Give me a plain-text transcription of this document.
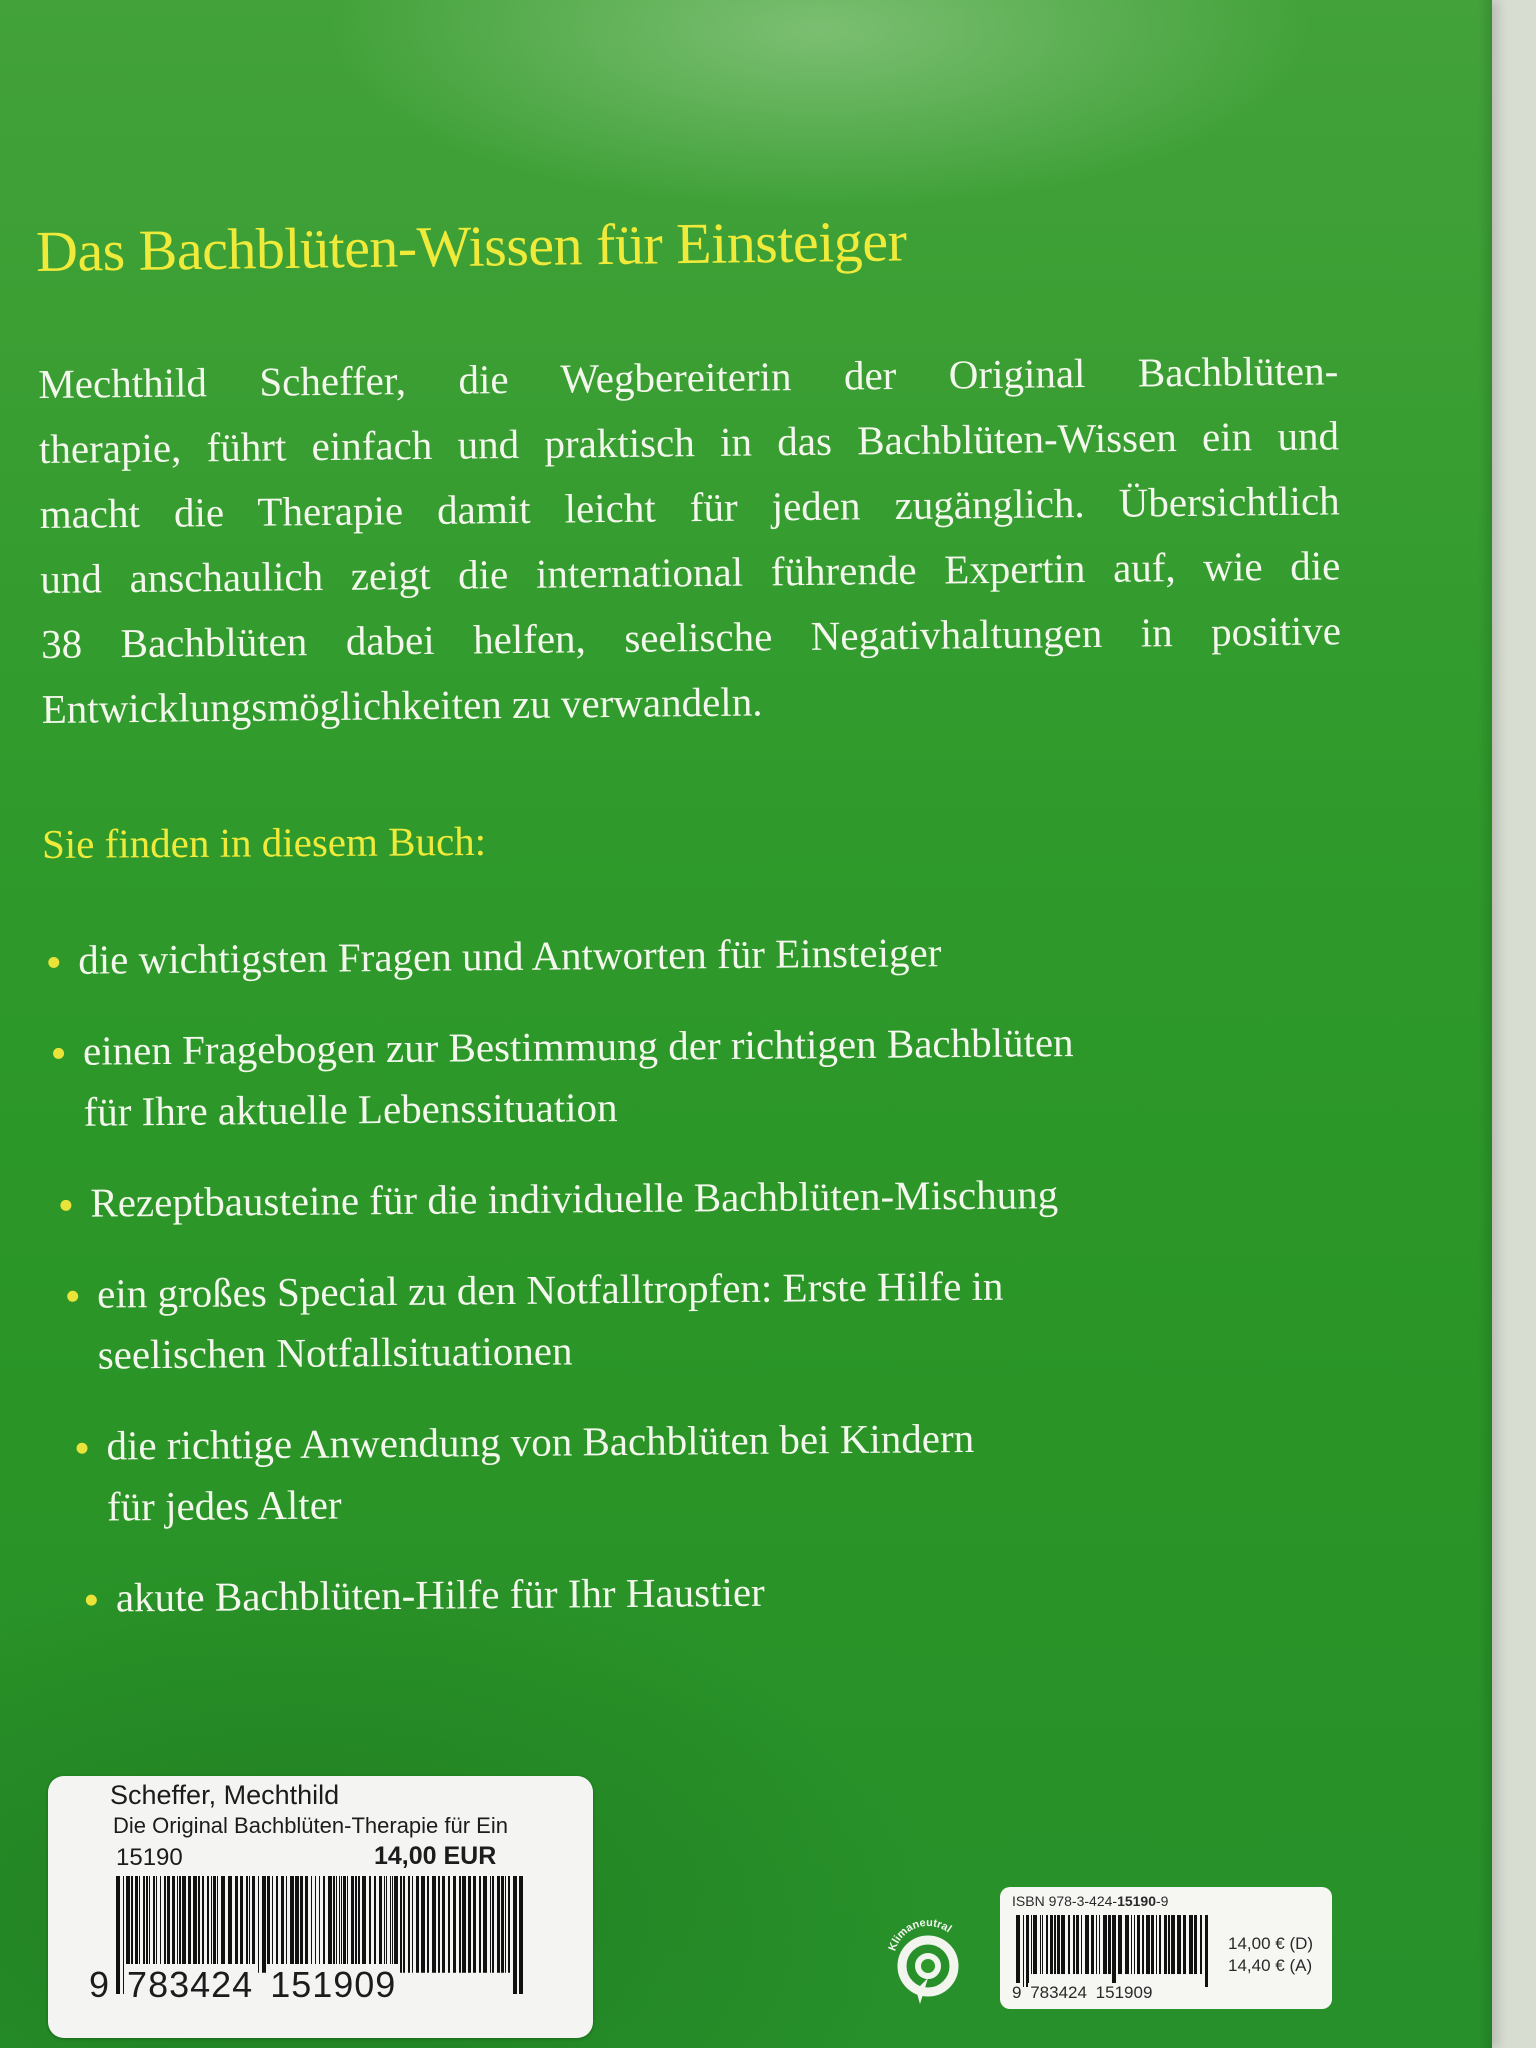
Das Bachblüten-Wissen für Einsteiger
Mechthild Scheffer, die Wegbereiterin der Original Bachblüten-
therapie, führt einfach und praktisch in das Bachblüten-Wissen ein und
macht die Therapie damit leicht für jeden zugänglich. Übersichtlich
und anschaulich zeigt die international führende Expertin auf, wie die
38 Bachblüten dabei helfen, seelische Negativhaltungen in positive
Entwicklungsmöglichkeiten zu verwandeln.
Sie finden in diesem Buch:
die wichtigsten Fragen und Antworten für Einsteiger
einen Fragebogen zur Bestimmung der richtigen Bachblüten
für Ihre aktuelle Lebenssituation
Rezeptbausteine für die individuelle Bachblüten-Mischung
ein großes Special zu den Notfalltropfen: Erste Hilfe in
seelischen Notfallsituationen
die richtige Anwendung von Bachblüten bei Kindern
für jedes Alter
akute Bachblüten-Hilfe für Ihr Haustier
Scheffer, Mechthild
Die Original Bachblüten-Therapie für Ein
15190	14,00 EUR
9 783424 151909
Klimaneutral
ISBN 978-3-424-15190-9
9 783424 151909
14,00 € (D)
14,40 € (A)
